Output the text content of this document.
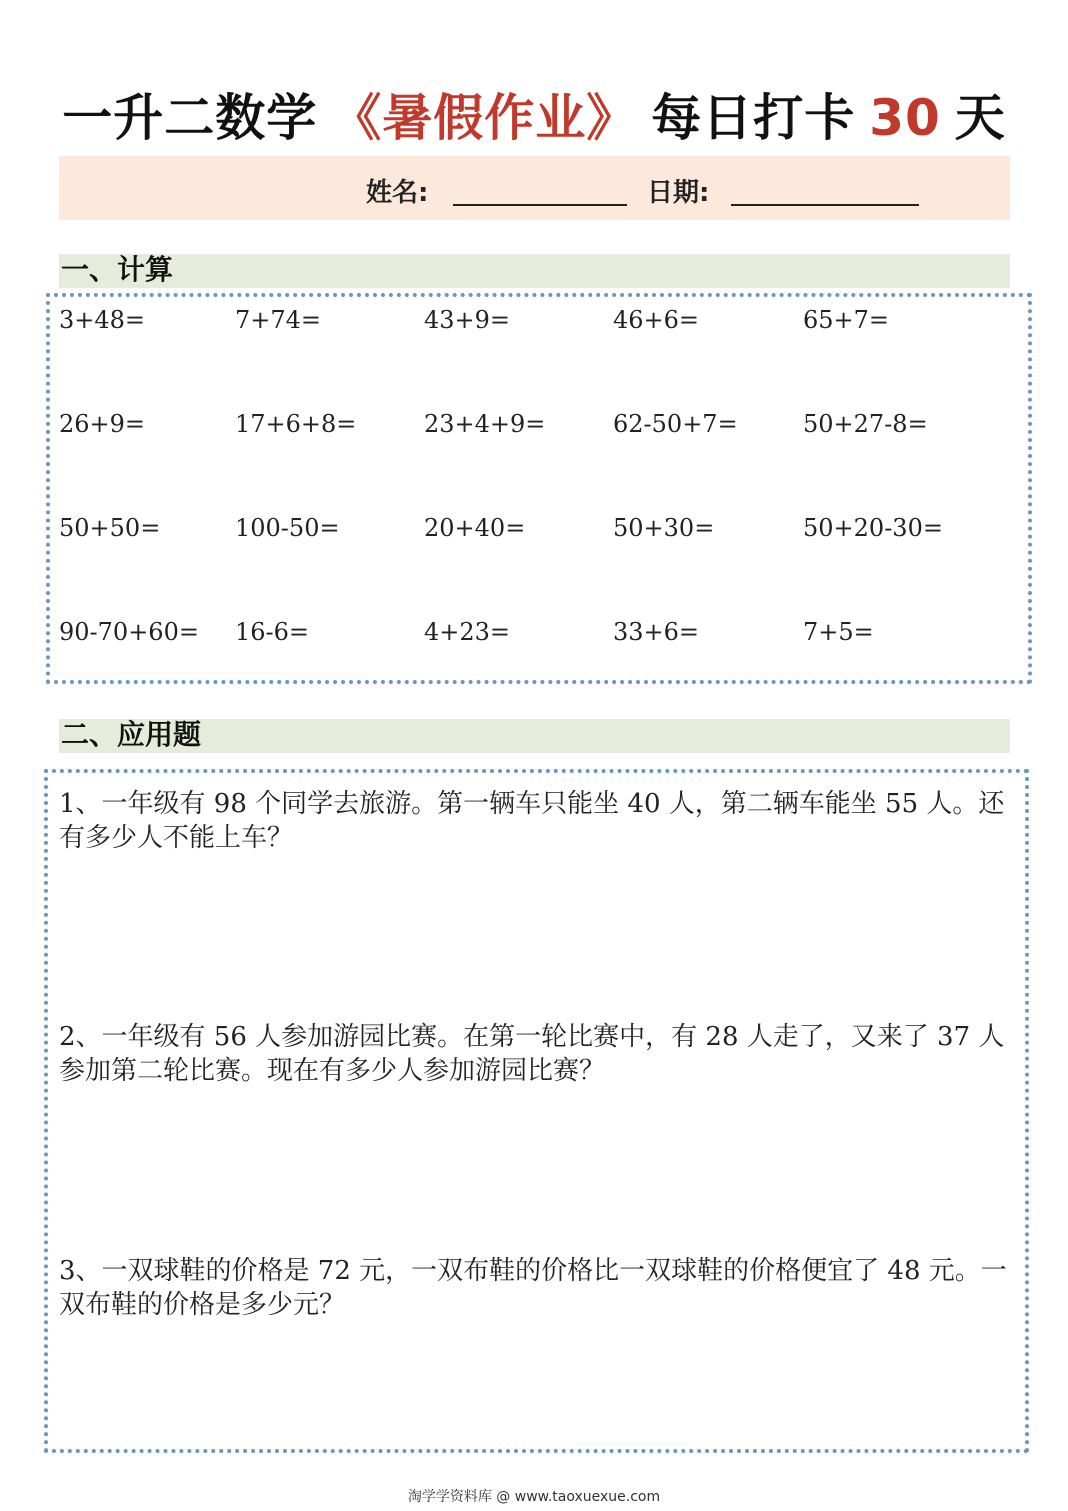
一升二数学 《暑假作业》 每日打卡 30 天
姓名:	日期:
一、计算
3+48=	7+74=	43+9=	46+6=	65+7=
26+9=	17+6+8=	23+4+9=	62-50+7=	50+27-8=
50+50=	100-50=	20+40=	50+30=	50+20-30=
90-70+60= 16-6=	4+23=	33+6=	7+5=
二、应用题
1、一年级有 98 个同学去旅游。第一辆车只能坐 40 人，第二辆车能坐 55 人。还有多少人不能上车？
2、一年级有 56 人参加游园比赛。在第一轮比赛中，有 28 人走了，又来了 37 人参加第二轮比赛。现在有多少人参加游园比赛？
3、一双球鞋的价格是 72 元，一双布鞋的价格比一双球鞋的价格便宜了 48 元。一双布鞋的价格是多少元？
淘学学资料库 @ www.taoxuexue.com
